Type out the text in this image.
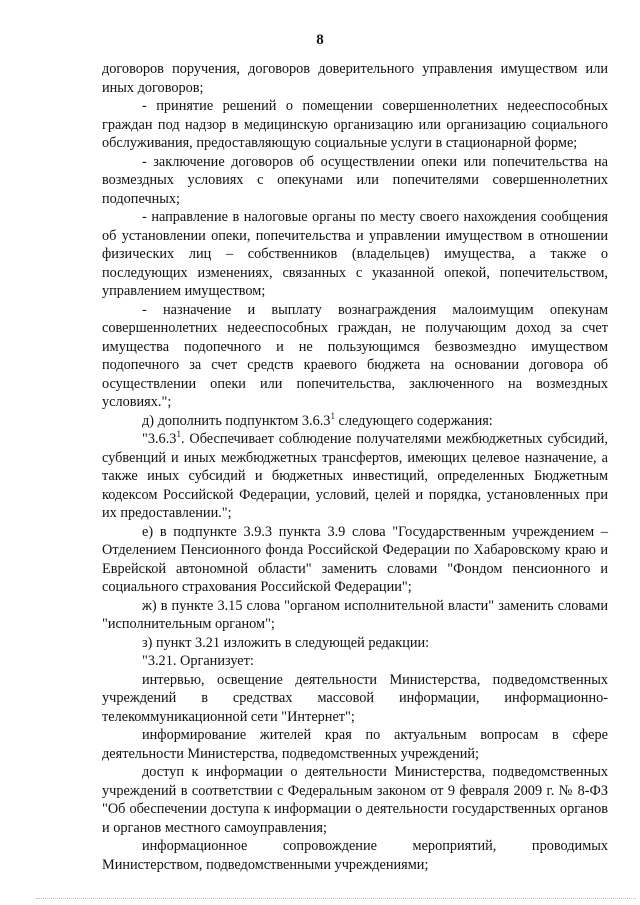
8

договоров поручения, договоров доверительного управления имуществом или иных договоров;

- принятие решений о помещении совершеннолетних недееспособных граждан под надзор в медицинскую организацию или организацию социального обслуживания, предоставляющую социальные услуги в стационарной форме;

- заключение договоров об осуществлении опеки или попечительства на возмездных условиях с опекунами или попечителями совершеннолетних подопечных;

- направление в налоговые органы по месту своего нахождения сообщения об установлении опеки, попечительства и управлении имуществом в отношении физических лиц – собственников (владельцев) имущества, а также о последующих изменениях, связанных с указанной опекой, попечительством, управлением имуществом;

- назначение и выплату вознаграждения малоимущим опекунам совершеннолетних недееспособных граждан, не получающим доход за счет имущества подопечного и не пользующимся безвозмездно имуществом подопечного за счет средств краевого бюджета на основании договора об осуществлении опеки или попечительства, заключенного на возмездных условиях.";

д) дополнить подпунктом 3.6.3$^1$ следующего содержания:

"3.6.3$^1$. Обеспечивает соблюдение получателями межбюджетных субсидий, субвенций и иных межбюджетных трансфертов, имеющих целевое назначение, а также иных субсидий и бюджетных инвестиций, определенных Бюджетным кодексом Российской Федерации, условий, целей и порядка, установленных при их предоставлении.";

е) в подпункте 3.9.3 пункта 3.9 слова "Государственным учреждением – Отделением Пенсионного фонда Российской Федерации по Хабаровскому краю и Еврейской автономной области" заменить словами "Фондом пенсионного и социального страхования Российской Федерации";

ж) в пункте 3.15 слова "органом исполнительной власти" заменить словами "исполнительным органом";

з) пункт 3.21 изложить в следующей редакции:

"3.21. Организует:

интервью, освещение деятельности Министерства, подведомственных учреждений в средствах массовой информации, информационно-телекоммуникационной сети "Интернет";

информирование жителей края по актуальным вопросам в сфере деятельности Министерства, подведомственных учреждений;

доступ к информации о деятельности Министерства, подведомственных учреждений в соответствии с Федеральным законом от 9 февраля 2009 г. № 8-ФЗ "Об обеспечении доступа к информации о деятельности государственных органов и органов местного самоуправления;

информационное сопровождение мероприятий, проводимых Министерством, подведомственными учреждениями;
